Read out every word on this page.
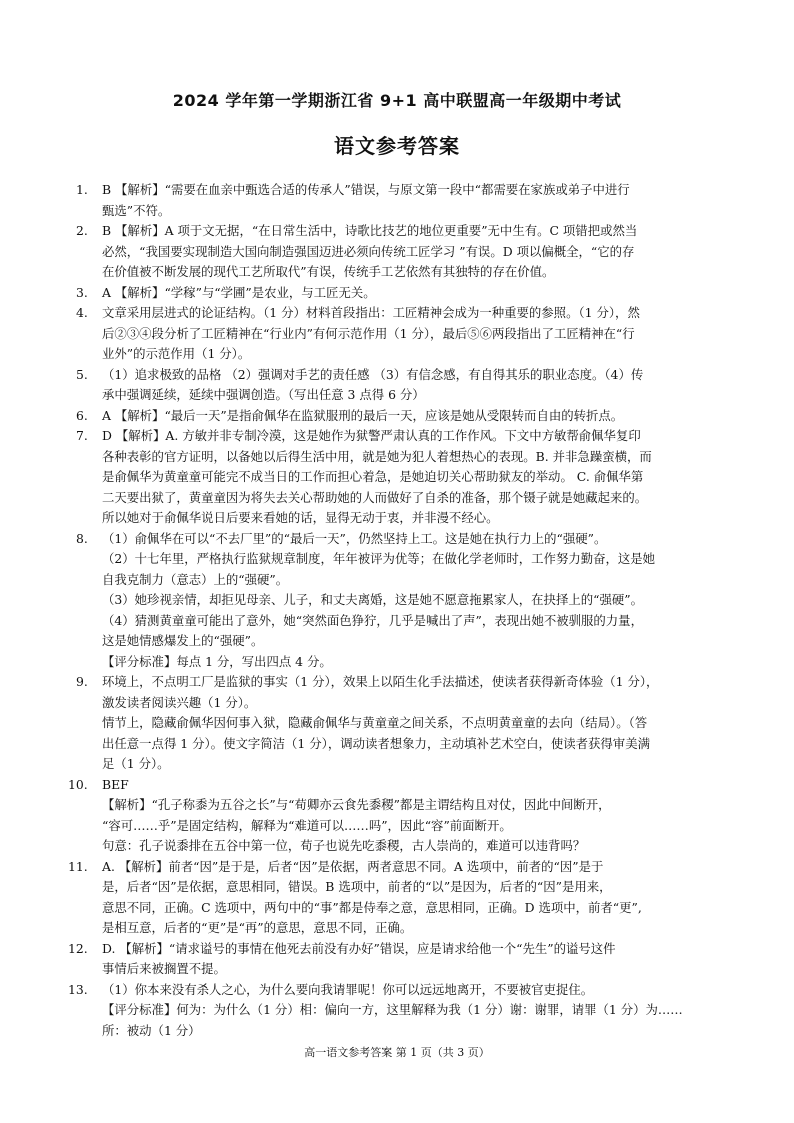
2024 学年第一学期浙江省 9+1 高中联盟高一年级期中考试
语文参考答案
1. B 【解析】“需要在血亲中甄选合适的传承人”错误，与原文第一段中“都需要在家族或弟子中进行
甄选”不符。
2. B 【解析】A 项于文无据，“在日常生活中，诗歌比技艺的地位更重要”无中生有。C 项错把或然当
必然，“我国要实现制造大国向制造强国迈进必须向传统工匠学习 ”有误。D 项以偏概全，“它的存
在价值被不断发展的现代工艺所取代”有误，传统手工艺依然有其独特的存在价值。
3. A 【解析】“学稼”与“学圃”是农业，与工匠无关。
4. 文章采用层进式的论证结构。（1 分）材料首段指出：工匠精神会成为一种重要的参照。（1 分），然
后②③④段分析了工匠精神在“行业内”有何示范作用（1 分），最后⑤⑥两段指出了工匠精神在“行
业外”的示范作用（1 分）。
5. （1）追求极致的品格 （2）强调对手艺的责任感 （3）有信念感，有自得其乐的职业态度。（4）传
承中强调延续，延续中强调创造。（写出任意 3 点得 6 分）
6. A 【解析】“最后一天”是指俞佩华在监狱服刑的最后一天，应该是她从受限转而自由的转折点。
7. D 【解析】A. 方敏并非专制冷漠，这是她作为狱警严肃认真的工作作风。下文中方敏帮俞佩华复印
各种表彰的官方证明，以备她以后得生活中用，就是她为犯人着想热心的表现。B. 并非急躁蛮横，而
是俞佩华为黄童童可能完不成当日的工作而担心着急，是她迫切关心帮助狱友的举动。 C. 俞佩华第
二天要出狱了，黄童童因为将失去关心帮助她的人而做好了自杀的准备，那个镊子就是她藏起来的。
所以她对于俞佩华说日后要来看她的话，显得无动于衷，并非漫不经心。
8. （1）俞佩华在可以“不去厂里”的“最后一天”，仍然坚持上工。这是她在执行力上的“强硬”。
（2）十七年里，严格执行监狱规章制度，年年被评为优等；在做化学老师时，工作努力勤奋，这是她
自我克制力（意志）上的“强硬”。
（3）她珍视亲情，却拒见母亲、儿子，和丈夫离婚，这是她不愿意拖累家人，在抉择上的“强硬”。
（4）猜测黄童童可能出了意外，她“突然面色狰狞，几乎是喊出了声”，表现出她不被驯服的力量，
这是她情感爆发上的“强硬”。
【评分标准】每点 1 分，写出四点 4 分。
9. 环境上，不点明工厂是监狱的事实（1 分），效果上以陌生化手法描述，使读者获得新奇体验（1 分），
激发读者阅读兴趣（1 分）。
情节上，隐藏俞佩华因何事入狱，隐藏俞佩华与黄童童之间关系，不点明黄童童的去向（结局）。（答
出任意一点得 1 分）。使文字简洁（1 分），调动读者想象力，主动填补艺术空白，使读者获得审美满
足（1 分）。
10. BEF
【解析】“孔子称黍为五谷之长”与“荀卿亦云食先黍稷”都是主谓结构且对仗，因此中间断开，
“容可……乎”是固定结构，解释为“难道可以……吗”，因此“容”前面断开。
句意：孔子说黍排在五谷中第一位，荀子也说先吃黍稷，古人崇尚的，难道可以违背吗？
11. A. 【解析】前者“因”是于是，后者“因”是依据，两者意思不同。A 选项中，前者的“因”是于
是，后者“因”是依据，意思相同，错误。B 选项中，前者的“以”是因为，后者的“因”是用来，
意思不同，正确。C 选项中，两句中的“事”都是侍奉之意，意思相同，正确。D 选项中，前者“更”,
是相互意，后者的“更”是“再”的意思，意思不同，正确。
12. D. 【解析】“请求谥号的事情在他死去前没有办好”错误，应是请求给他一个“先生”的谥号这件
事情后来被搁置不提。
13. （1）你本来没有杀人之心，为什么要向我请罪呢！你可以远远地离开，不要被官吏捉住。
【评分标准】何为：为什么（1 分）相：偏向一方，这里解释为我（1 分）谢：谢罪，请罪（1 分）为……
所：被动（1 分）
高一语文参考答案 第 1 页（共 3 页）
